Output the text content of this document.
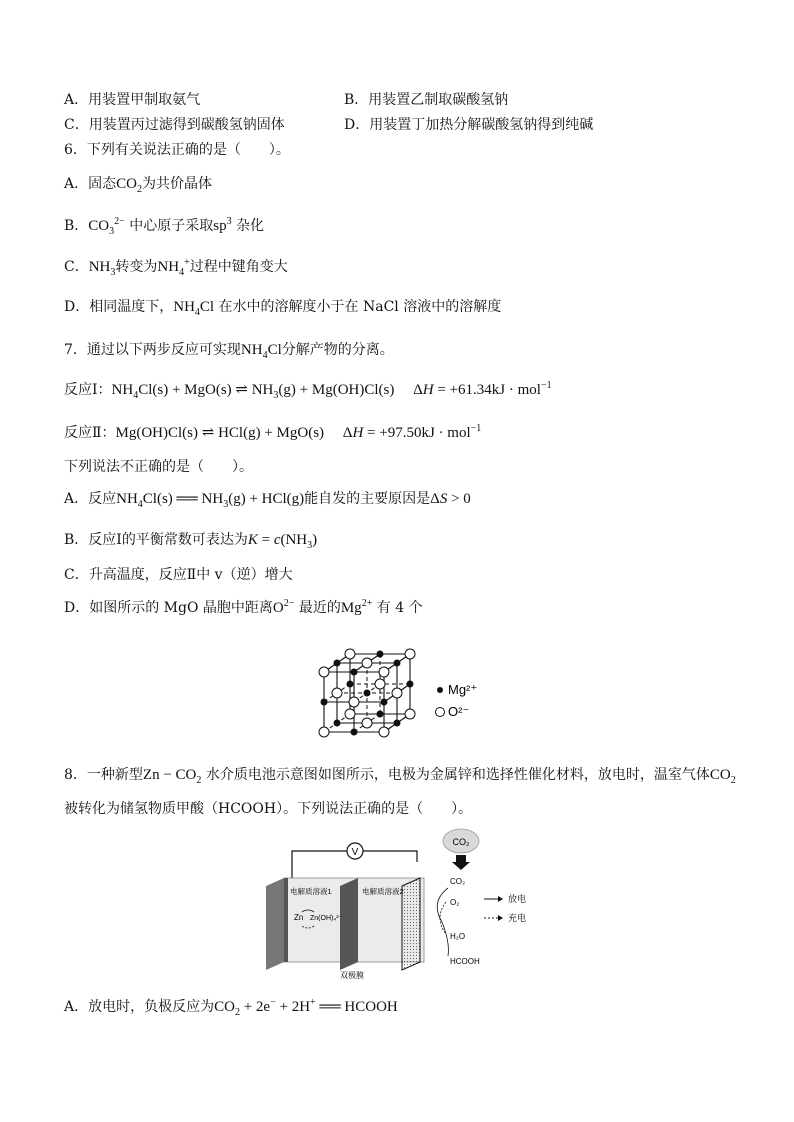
A．用装置甲制取氨气	B．用装置乙制取碳酸氢钠
C．用装置丙过滤得到碳酸氢钠固体	D．用装置丁加热分解碳酸氢钠得到纯碱
6．下列有关说法正确的是（　　）。
A．固态$CO_2$为共价晶体
B．$CO_3^{2-}$ 中心原子采取$sp^3$ 杂化
C．$NH_3$转变为$NH_4^+$过程中键角变大
D．相同温度下，$NH_4Cl$ 在水中的溶解度小于在 NaCl 溶液中的溶解度
7．通过以下两步反应可实现$NH_4Cl$分解产物的分离。
反应Ⅰ：$NH_4Cl(s) + MgO(s)$ ⇌ $NH_3(g) + Mg(OH)Cl(s)$     ΔH = +61.34kJ · mol$^{-1}$
反应Ⅱ：Mg(OH)Cl(s) ⇌ HCl(g) + MgO(s)     ΔH = +97.50kJ · mol$^{-1}$
下列说法不正确的是（　　）。
A．反应$NH_4Cl(s)$ ══ $NH_3(g) + HCl(g)$能自发的主要原因是ΔS > 0
B．反应Ⅰ的平衡常数可表达为$K = c(NH_3)$
C．升高温度，反应Ⅱ中 v（逆）增大
D．如图所示的 MgO 晶胞中距离$O^{2-}$ 最近的$Mg^{2+}$ 有 4 个
Mg²⁺
O²⁻
8．一种新型$Zn - CO_2$ 水介质电池示意图如图所示，电极为金属锌和选择性催化材料，放电时，温室气体$CO_2$
被转化为储氢物质甲酸（HCOOH）。下列说法正确的是（　　）。
V
CO₂
电解质溶液1	电解质溶液2
Zn Zn(OH)₄²⁻
CO₂
O₂
H₂O
HCOOH
放电
充电
双极膜
A．放电时，负极反应为$CO_2 + 2e^- + 2H^+$ ══ HCOOH
